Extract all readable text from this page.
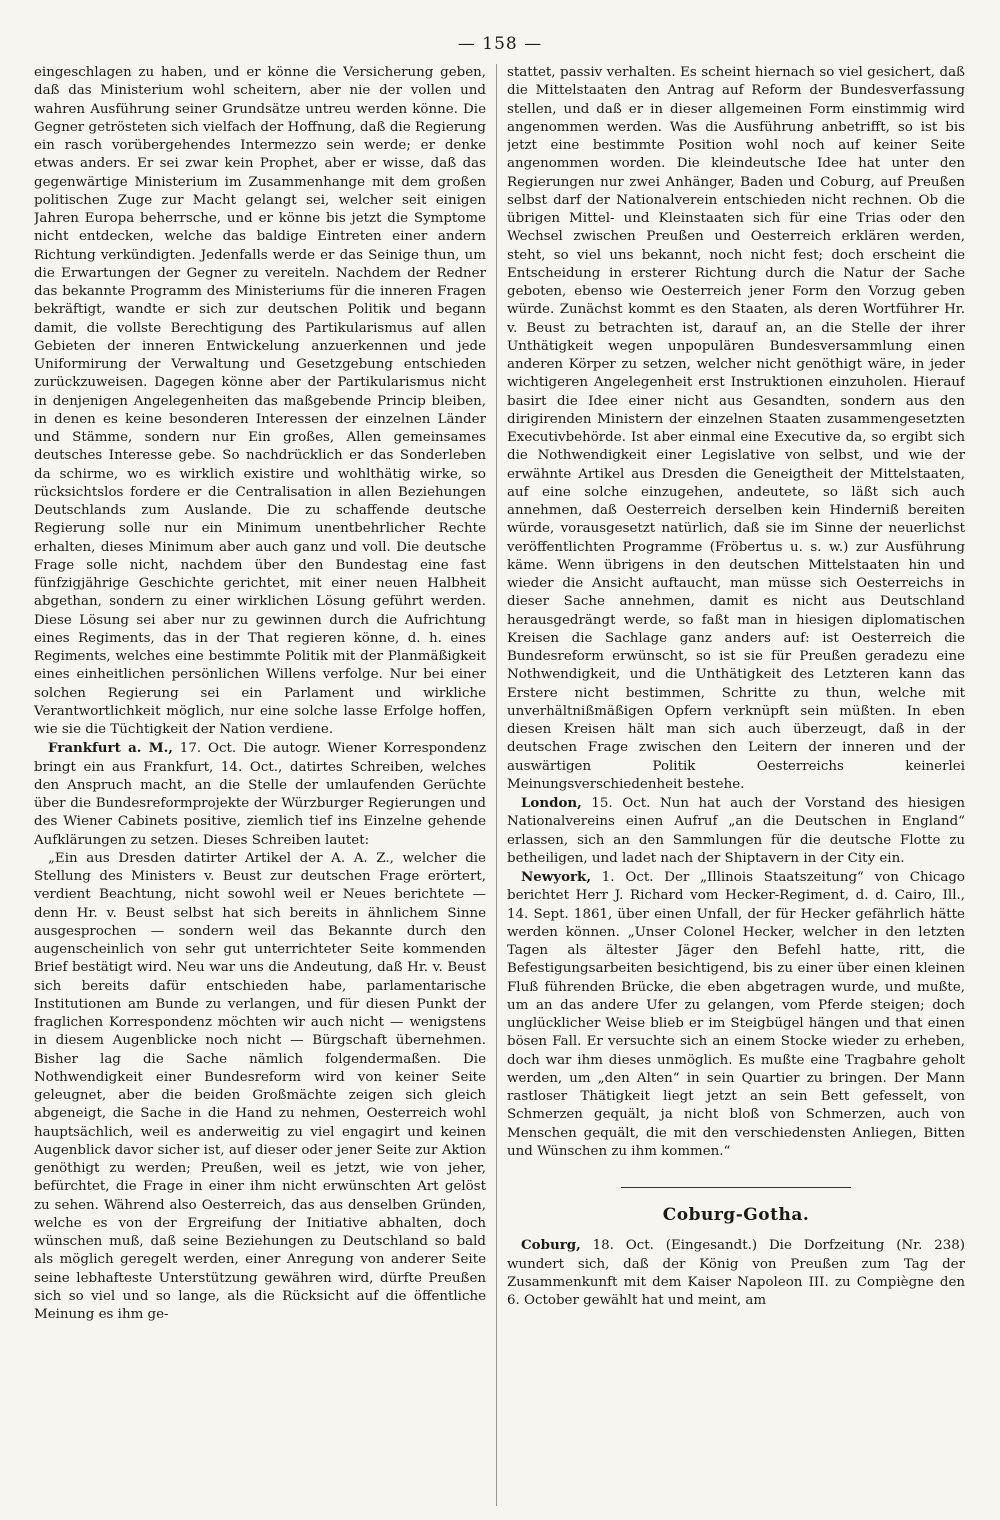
— 158 —

eingeschlagen zu haben, und er könne die Versicherung geben, daß das Ministerium wohl scheitern, aber nie der vollen und wahren Ausführung seiner Grundsätze untreu werden könne. Die Gegner getrösteten sich vielfach der Hoffnung, daß die Regierung ein rasch vorübergehendes Intermezzo sein werde; er denke etwas anders. Er sei zwar kein Prophet, aber er wisse, daß das gegenwärtige Ministerium im Zusammenhange mit dem großen politischen Zuge zur Macht gelangt sei, welcher seit einigen Jahren Europa beherrsche, und er könne bis jetzt die Symptome nicht entdecken, welche das baldige Eintreten einer andern Richtung verkündigten. Jedenfalls werde er das Seinige thun, um die Erwartungen der Gegner zu vereiteln. Nachdem der Redner das bekannte Programm des Ministeriums für die inneren Fragen bekräftigt, wandte er sich zur deutschen Politik und begann damit, die vollste Berechtigung des Partikularismus auf allen Gebieten der inneren Entwickelung anzuerkennen und jede Uniformirung der Verwaltung und Gesetzgebung entschieden zurückzuweisen. Dagegen könne aber der Partikularismus nicht in denjenigen Angelegenheiten das maßgebende Princip bleiben, in denen es keine besonderen Interessen der einzelnen Länder und Stämme, sondern nur Ein großes, Allen gemeinsames deutsches Interesse gebe. So nachdrücklich er das Sonderleben da schirme, wo es wirklich existire und wohlthätig wirke, so rücksichtslos fordere er die Centralisation in allen Beziehungen Deutschlands zum Auslande. Die zu schaffende deutsche Regierung solle nur ein Minimum unentbehrlicher Rechte erhalten, dieses Minimum aber auch ganz und voll. Die deutsche Frage solle nicht, nachdem über den Bundestag eine fast fünfzigjährige Geschichte gerichtet, mit einer neuen Halbheit abgethan, sondern zu einer wirklichen Lösung geführt werden. Diese Lösung sei aber nur zu gewinnen durch die Aufrichtung eines Regiments, das in der That regieren könne, d. h. eines Regiments, welches eine bestimmte Politik mit der Planmäßigkeit eines einheitlichen persönlichen Willens verfolge. Nur bei einer solchen Regierung sei ein Parlament und wirkliche Verantwortlichkeit möglich, nur eine solche lasse Erfolge hoffen, wie sie die Tüchtigkeit der Nation verdiene.

Frankfurt a. M., 17. Oct. Die autogr. Wiener Korrespondenz bringt ein aus Frankfurt, 14. Oct., datirtes Schreiben, welches den Anspruch macht, an die Stelle der umlaufenden Gerüchte über die Bundesreformprojekte der Würzburger Regierungen und des Wiener Cabinets positive, ziemlich tief ins Einzelne gehende Aufklärungen zu setzen. Dieses Schreiben lautet:

„Ein aus Dresden datirter Artikel der A. A. Z., welcher die Stellung des Ministers v. Beust zur deutschen Frage erörtert, verdient Beachtung, nicht sowohl weil er Neues berichtete — denn Hr. v. Beust selbst hat sich bereits in ähnlichem Sinne ausgesprochen — sondern weil das Bekannte durch den augenscheinlich von sehr gut unterrichteter Seite kommenden Brief bestätigt wird. Neu war uns die Andeutung, daß Hr. v. Beust sich bereits dafür entschieden habe, parlamentarische Institutionen am Bunde zu verlangen, und für diesen Punkt der fraglichen Korrespondenz möchten wir auch nicht — wenigstens in diesem Augenblicke noch nicht — Bürgschaft übernehmen. Bisher lag die Sache nämlich folgendermaßen. Die Nothwendigkeit einer Bundesreform wird von keiner Seite geleugnet, aber die beiden Großmächte zeigen sich gleich abgeneigt, die Sache in die Hand zu nehmen, Oesterreich wohl hauptsächlich, weil es anderweitig zu viel engagirt und keinen Augenblick davor sicher ist, auf dieser oder jener Seite zur Aktion genöthigt zu werden; Preußen, weil es jetzt, wie von jeher, befürchtet, die Frage in einer ihm nicht erwünschten Art gelöst zu sehen. Während also Oesterreich, das aus denselben Gründen, welche es von der Ergreifung der Initiative abhalten, doch wünschen muß, daß seine Beziehungen zu Deutschland so bald als möglich geregelt werden, einer Anregung von anderer Seite seine lebhafteste Unterstützung gewähren wird, dürfte Preußen sich so viel und so lange, als die Rücksicht auf die öffentliche Meinung es ihm ge-

stattet, passiv verhalten. Es scheint hiernach so viel gesichert, daß die Mittelstaaten den Antrag auf Reform der Bundesverfassung stellen, und daß er in dieser allgemeinen Form einstimmig wird angenommen werden. Was die Ausführung anbetrifft, so ist bis jetzt eine bestimmte Position wohl noch auf keiner Seite angenommen worden. Die kleindeutsche Idee hat unter den Regierungen nur zwei Anhänger, Baden und Coburg, auf Preußen selbst darf der Nationalverein entschieden nicht rechnen. Ob die übrigen Mittel- und Kleinstaaten sich für eine Trias oder den Wechsel zwischen Preußen und Oesterreich erklären werden, steht, so viel uns bekannt, noch nicht fest; doch erscheint die Entscheidung in ersterer Richtung durch die Natur der Sache geboten, ebenso wie Oesterreich jener Form den Vorzug geben würde. Zunächst kommt es den Staaten, als deren Wortführer Hr. v. Beust zu betrachten ist, darauf an, an die Stelle der ihrer Unthätigkeit wegen unpopulären Bundesversammlung einen anderen Körper zu setzen, welcher nicht genöthigt wäre, in jeder wichtigeren Angelegenheit erst Instruktionen einzuholen. Hierauf basirt die Idee einer nicht aus Gesandten, sondern aus den dirigirenden Ministern der einzelnen Staaten zusammengesetzten Executivbehörde. Ist aber einmal eine Executive da, so ergibt sich die Nothwendigkeit einer Legislative von selbst, und wie der erwähnte Artikel aus Dresden die Geneigtheit der Mittelstaaten, auf eine solche einzugehen, andeutete, so läßt sich auch annehmen, daß Oesterreich derselben kein Hinderniß bereiten würde, vorausgesetzt natürlich, daß sie im Sinne der neuerlichst veröffentlichten Programme (Fröbertus u. s. w.) zur Ausführung käme. Wenn übrigens in den deutschen Mittelstaaten hin und wieder die Ansicht auftaucht, man müsse sich Oesterreichs in dieser Sache annehmen, damit es nicht aus Deutschland herausgedrängt werde, so faßt man in hiesigen diplomatischen Kreisen die Sachlage ganz anders auf: ist Oesterreich die Bundesreform erwünscht, so ist sie für Preußen geradezu eine Nothwendigkeit, und die Unthätigkeit des Letzteren kann das Erstere nicht bestimmen, Schritte zu thun, welche mit unverhältnißmäßigen Opfern verknüpft sein müßten. In eben diesen Kreisen hält man sich auch überzeugt, daß in der deutschen Frage zwischen den Leitern der inneren und der auswärtigen Politik Oesterreichs keinerlei Meinungsverschiedenheit bestehe.

London, 15. Oct. Nun hat auch der Vorstand des hiesigen Nationalvereins einen Aufruf „an die Deutschen in England“ erlassen, sich an den Sammlungen für die deutsche Flotte zu betheiligen, und ladet nach der Shiptavern in der City ein.

Newyork, 1. Oct. Der „Illinois Staatszeitung“ von Chicago berichtet Herr J. Richard vom Hecker-Regiment, d. d. Cairo, Ill., 14. Sept. 1861, über einen Unfall, der für Hecker gefährlich hätte werden können. „Unser Colonel Hecker, welcher in den letzten Tagen als ältester Jäger den Befehl hatte, ritt, die Befestigungsarbeiten besichtigend, bis zu einer über einen kleinen Fluß führenden Brücke, die eben abgetragen wurde, und mußte, um an das andere Ufer zu gelangen, vom Pferde steigen; doch unglücklicher Weise blieb er im Steigbügel hängen und that einen bösen Fall. Er versuchte sich an einem Stocke wieder zu erheben, doch war ihm dieses unmöglich. Es mußte eine Tragbahre geholt werden, um „den Alten“ in sein Quartier zu bringen. Der Mann rastloser Thätigkeit liegt jetzt an sein Bett gefesselt, von Schmerzen gequält, ja nicht bloß von Schmerzen, auch von Menschen gequält, die mit den verschiedensten Anliegen, Bitten und Wünschen zu ihm kommen.“

Coburg-Gotha.

Coburg, 18. Oct. (Eingesandt.) Die Dorfzeitung (Nr. 238) wundert sich, daß der König von Preußen zum Tag der Zusammenkunft mit dem Kaiser Napoleon III. zu Compiègne den 6. October gewählt hat und meint, am
